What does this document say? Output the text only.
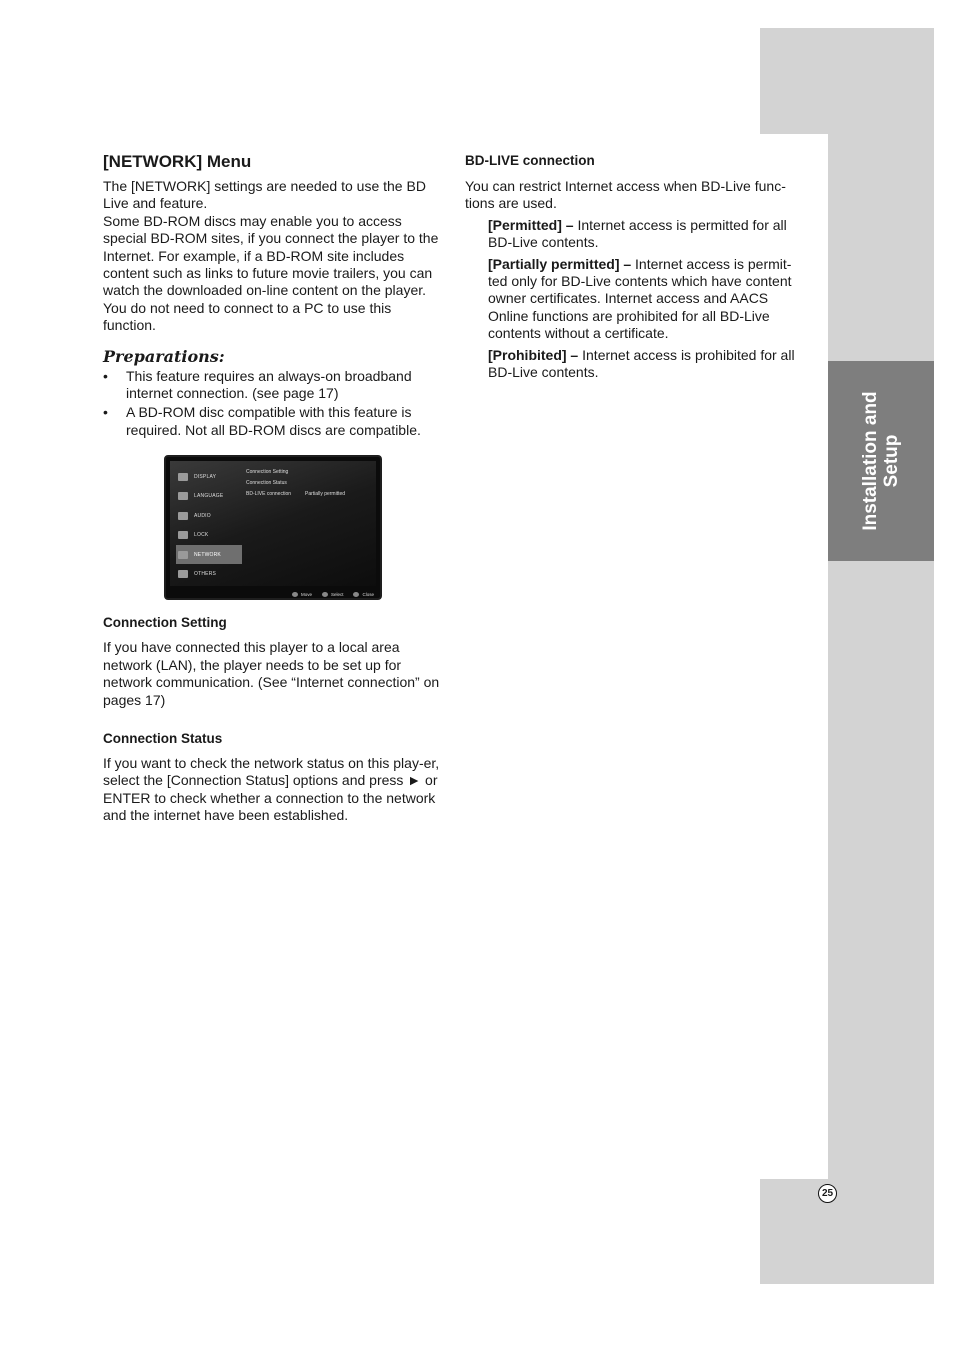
Installation and Setup
25

[NETWORK] Menu

The [NETWORK] settings are needed to use the BD Live and feature.

Some BD-ROM discs may enable you to access special BD-ROM sites, if you connect the player to the Internet. For example, if a BD-ROM site includes content such as links to future movie trailers, you can watch the downloaded on-line content on the player.

You do not need to connect to a PC to use this function.

Preparations:

• This feature requires an always-on broadband internet connection. (see page 17)
• A BD-ROM disc compatible with this feature is required. Not all BD-ROM discs are compatible.
DISPLAY
LANGUAGE
AUDIO
LOCK
NETWORK
OTHERS
Connection Setting
Connection Status
BD-LIVE connection	Partially permitted
Move	Select	Close

Connection Setting

If you have connected this player to a local area network (LAN), the player needs to be set up for network communication. (See “Internet connection” on pages 17)

Connection Status

If you want to check the network status on this play-er, select the [Connection Status] options and press ► or ENTER to check whether a connection to the network and the internet have been established.

BD-LIVE connection

You can restrict Internet access when BD-Live func-tions are used.

[Permitted] – Internet access is permitted for all BD-Live contents.

[Partially permitted] – Internet access is permit-ted only for BD-Live contents which have content owner certificates. Internet access and AACS Online functions are prohibited for all BD-Live contents without a certificate.

[Prohibited] – Internet access is prohibited for all BD-Live contents.
